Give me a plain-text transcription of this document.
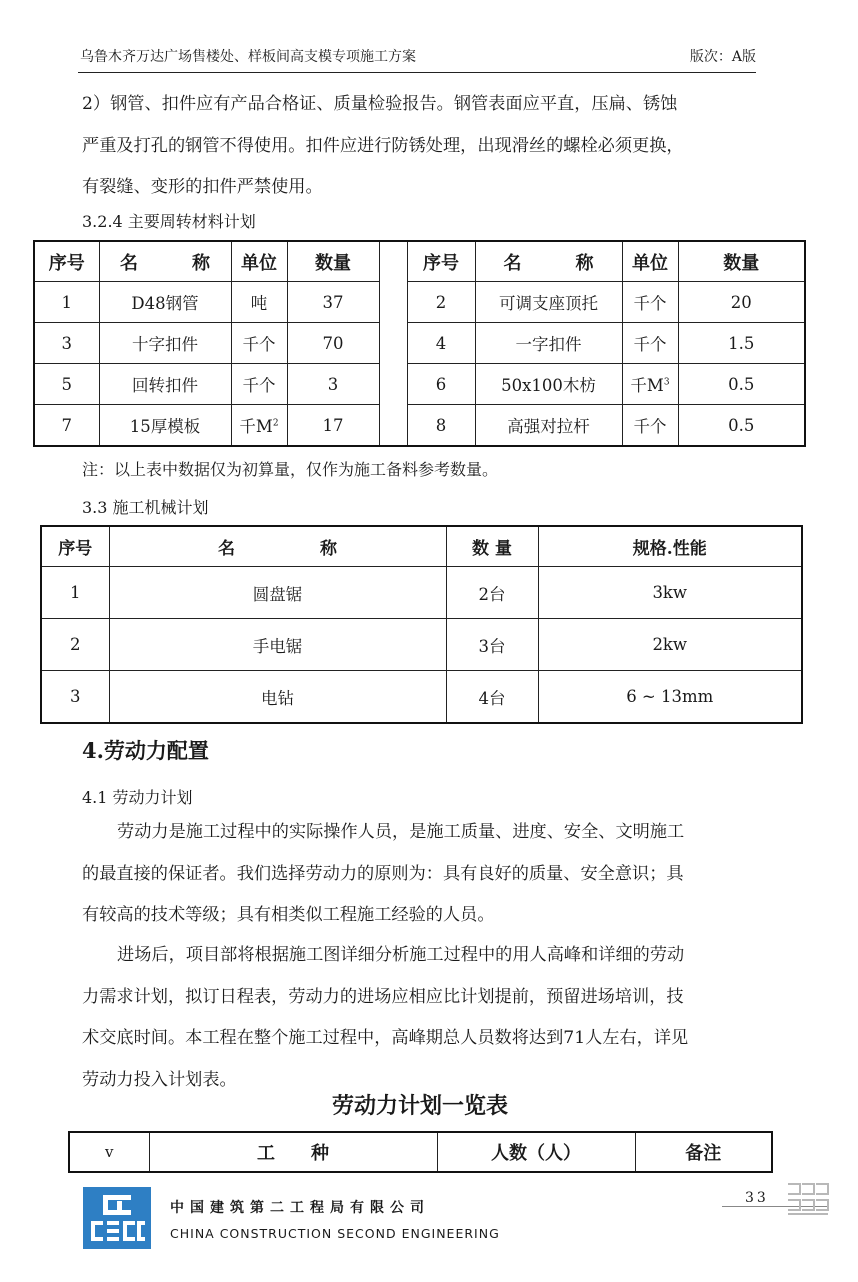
乌鲁木齐万达广场售楼处、样板间高支模专项施工方案	版次：A版
2）钢管、扣件应有产品合格证、质量检验报告。钢管表面应平直，压扁、锈蚀
严重及打孔的钢管不得使用。扣件应进行防锈处理，出现滑丝的螺栓必须更换，
有裂缝、变形的扣件严禁使用。
3.2.4 主要周转材料计划
序号	名　　　称	单位	数量		序号	名　　　称	单位	数量
1	D48钢管	吨	37		2	可调支座顶托	千个	20
3	十字扣件	千个	70		4	一字扣件	千个	1.5
5	回转扣件	千个	3		6	50x100木枋	千$M^3$	0.5
7	15厚模板	千$M^2$	17		8	高强对拉杆	千个	0.5
注：以上表中数据仅为初算量，仅作为施工备料参考数量。
3.3 施工机械计划
序号	名　　　　　称	数 量	规格.性能
1	圆盘锯	2台	3kw
2	手电锯	3台	2kw
3	电钻	4台	6 ~ 13mm
4.劳动力配置
4.1 劳动力计划
劳动力是施工过程中的实际操作人员，是施工质量、进度、安全、文明施工
的最直接的保证者。我们选择劳动力的原则为：具有良好的质量、安全意识；具
有较高的技术等级；具有相类似工程施工经验的人员。
进场后，项目部将根据施工图详细分析施工过程中的用人高峰和详细的劳动
力需求计划，拟订日程表，劳动力的进场应相应比计划提前，预留进场培训，技
术交底时间。本工程在整个施工过程中，高峰期总人员数将达到71人左右，详见
劳动力投入计划表。
劳动力计划一览表
v	工　　种	人数（人）	备注
中国建筑第二工程局有限公司
CHINA CONSTRUCTION SECOND ENGINEERING
33
